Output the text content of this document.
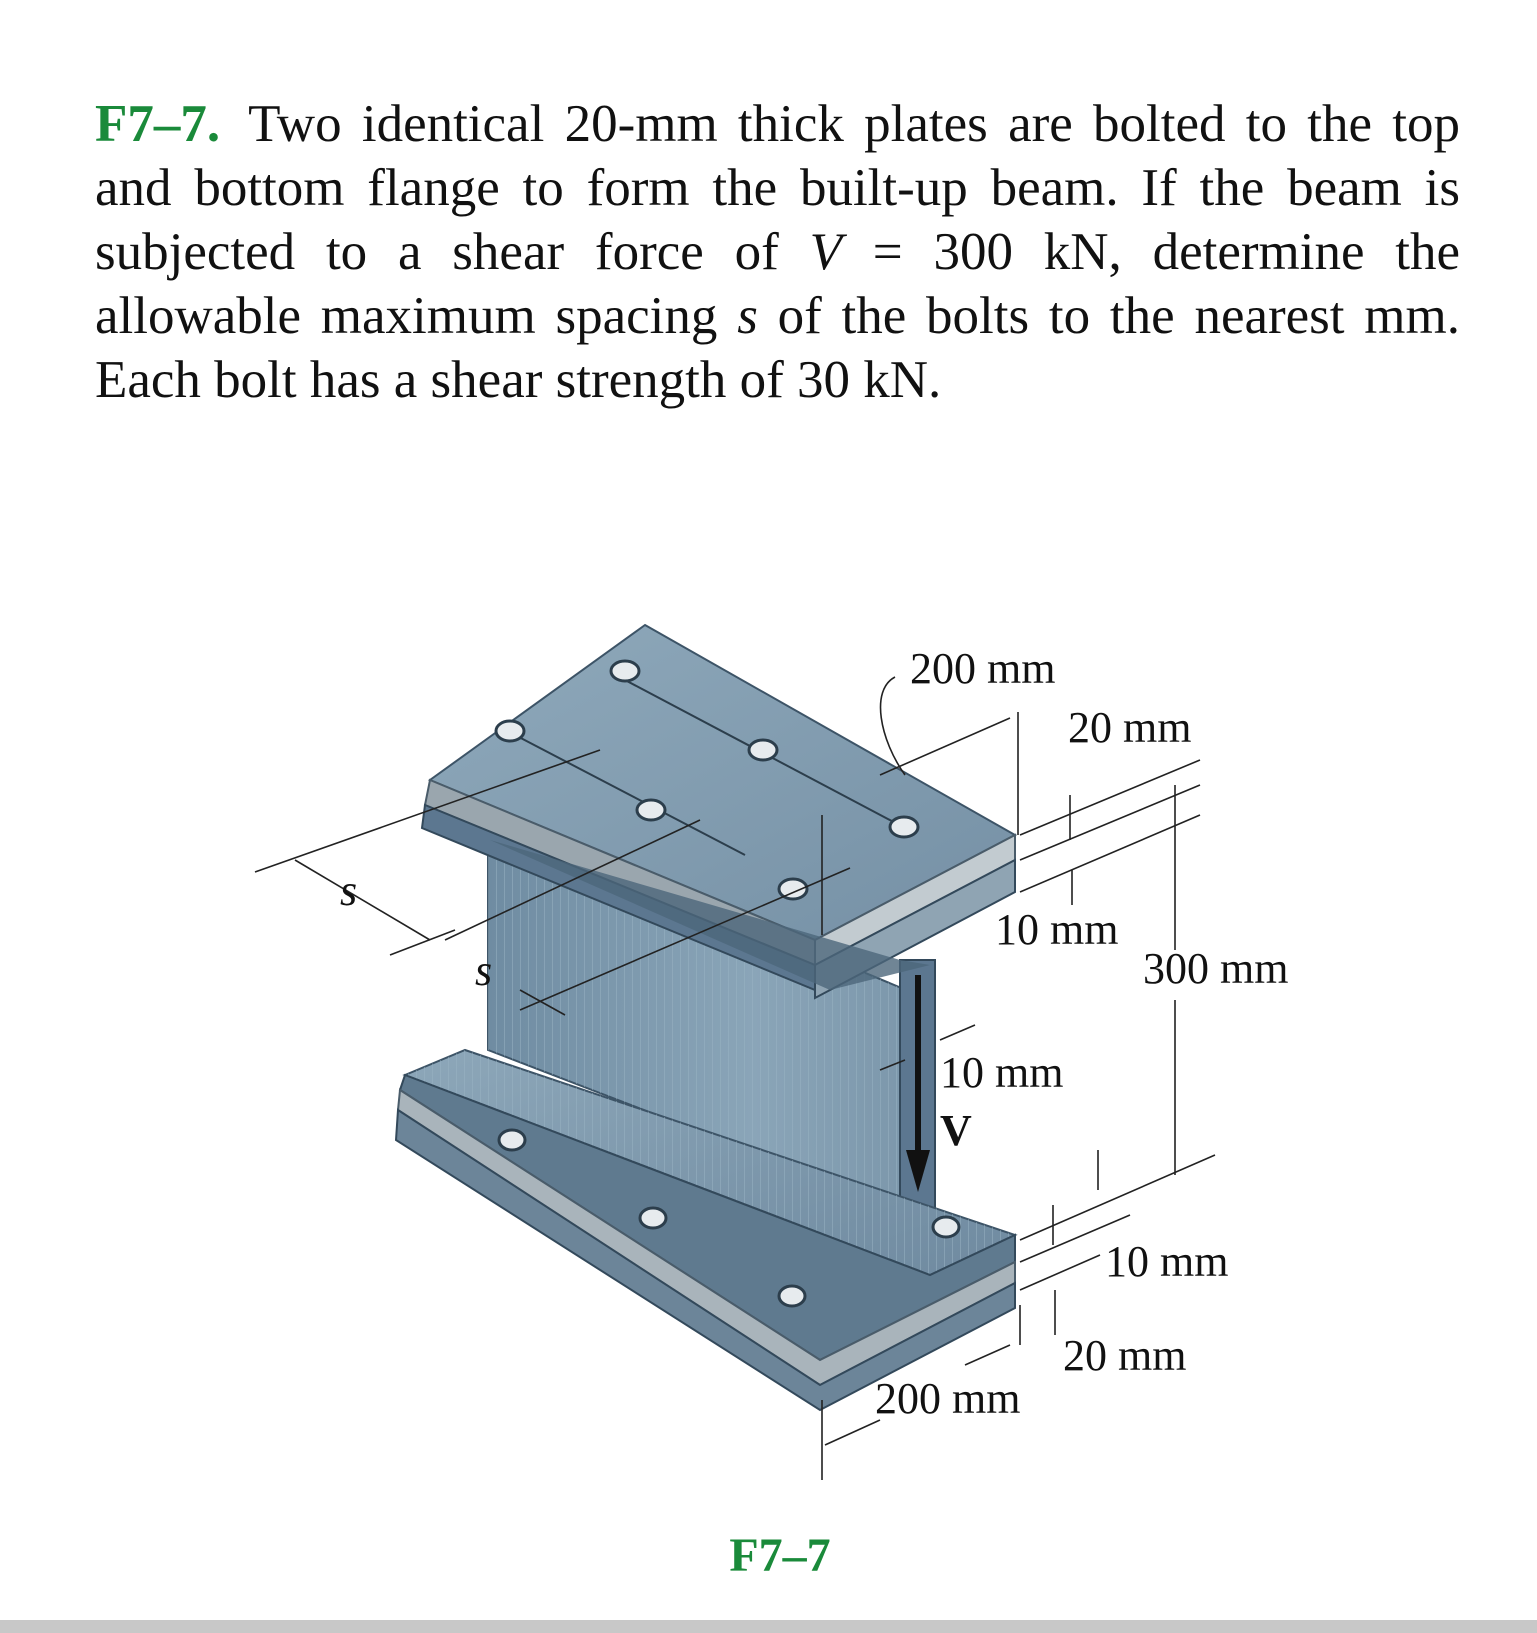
F7–7. Two identical 20-mm thick plates are bolted to the top and bottom flange to form the built-up beam. If the beam is subjected to a shear force of V = 300 kN, determine the allowable maximum spacing s of the bolts to the nearest mm. Each bolt has a shear strength of 30 kN.
200 mm
20 mm
10 mm
300 mm
10 mm
V
10 mm
20 mm
200 mm
s
s
F7–7
